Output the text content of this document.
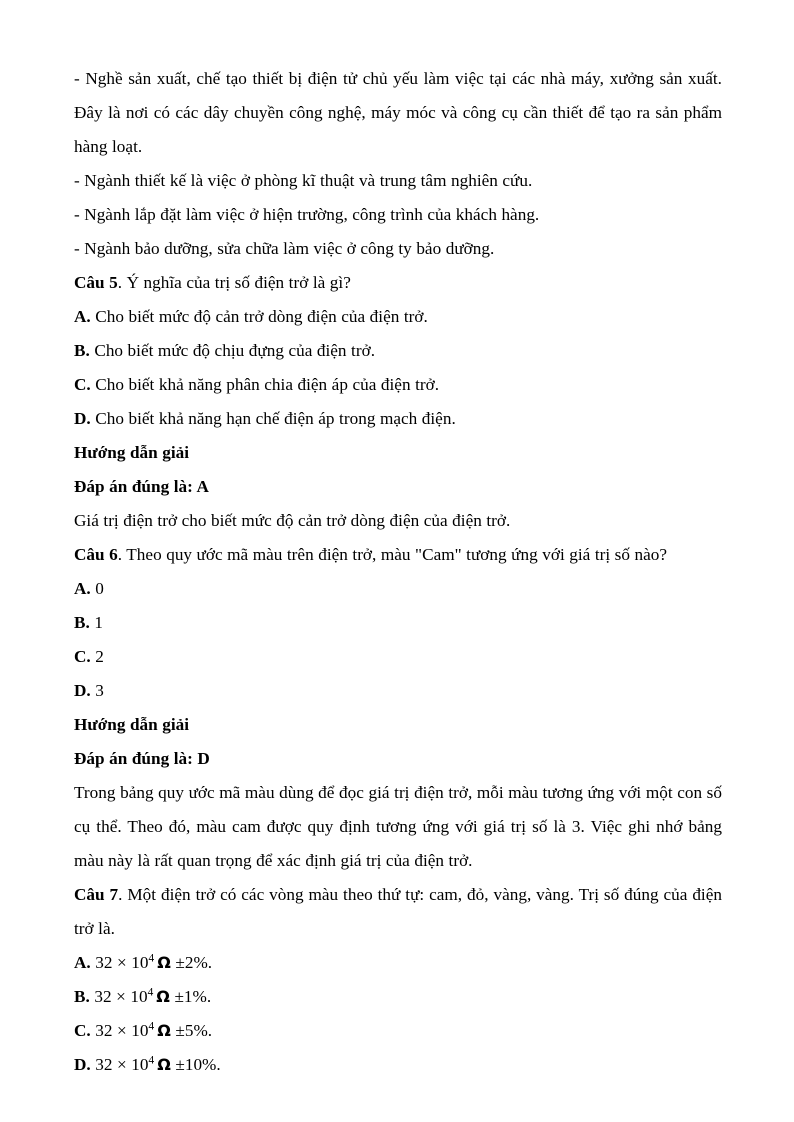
- Nghề sản xuất, chế tạo thiết bị điện tử chủ yếu làm việc tại các nhà máy, xưởng sản xuất. Đây là nơi có các dây chuyền công nghệ, máy móc và công cụ cần thiết để tạo ra sản phẩm hàng loạt.

- Ngành thiết kế là việc ở phòng kĩ thuật và trung tâm nghiên cứu.

- Ngành lắp đặt làm việc ở hiện trường, công trình của khách hàng.

- Ngành bảo dưỡng, sửa chữa làm việc ở công ty bảo dưỡng.

Câu 5. Ý nghĩa của trị số điện trở là gì?

A. Cho biết mức độ cản trở dòng điện của điện trở.

B. Cho biết mức độ chịu đựng của điện trở.

C. Cho biết khả năng phân chia điện áp của điện trở.

D. Cho biết khả năng hạn chế điện áp trong mạch điện.

Hướng dẫn giải

Đáp án đúng là: A

Giá trị điện trở cho biết mức độ cản trở dòng điện của điện trở.

Câu 6. Theo quy ước mã màu trên điện trở, màu "Cam" tương ứng với giá trị số nào?

A. 0

B. 1

C. 2

D. 3

Hướng dẫn giải

Đáp án đúng là: D

Trong bảng quy ước mã màu dùng để đọc giá trị điện trở, mỗi màu tương ứng với một con số cụ thể. Theo đó, màu cam được quy định tương ứng với giá trị số là 3. Việc ghi nhớ bảng màu này là rất quan trọng để xác định giá trị của điện trở.

Câu 7. Một điện trở có các vòng màu theo thứ tự: cam, đỏ, vàng, vàng. Trị số đúng của điện trở là.

A. $32 \times 10^4$ Ω ±2%.

B. $32 \times 10^4$ Ω ±1%.

C. $32 \times 10^4$ Ω ±5%.

D. $32 \times 10^4$ Ω ±10%.
